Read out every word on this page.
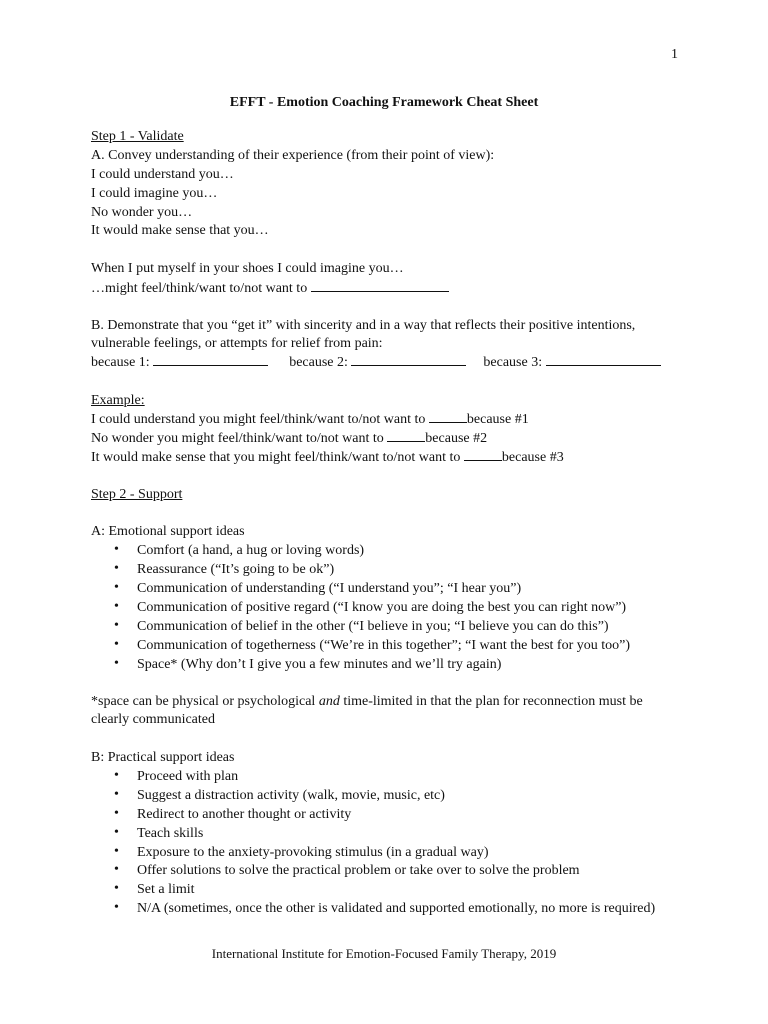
1
EFFT - Emotion Coaching Framework Cheat Sheet
Step 1 - Validate
A. Convey understanding of their experience (from their point of view):
I could understand you…
I could imagine you…
No wonder you…
It would make sense that you…
When I put myself in your shoes I could imagine you…
…might feel/think/want to/not want to
B. Demonstrate that you “get it” with sincerity and in a way that reflects their positive intentions,
vulnerable feelings, or attempts for relief from pain:
because 1:	because 2:	because 3:
Example:
I could understand you might feel/think/want to/not want to	because #1
No wonder you might feel/think/want to/not want to	because #2
It would make sense that you might feel/think/want to/not want to	because #3
Step 2 - Support
A: Emotional support ideas
• Comfort (a hand, a hug or loving words)
• Reassurance (“It’s going to be ok”)
• Communication of understanding (“I understand you”; “I hear you”)
• Communication of positive regard (“I know you are doing the best you can right now”)
• Communication of belief in the other (“I believe in you; “I believe you can do this”)
• Communication of togetherness (“We’re in this together”; “I want the best for you too”)
• Space* (Why don’t I give you a few minutes and we’ll try again)
*space can be physical or psychological and time-limited in that the plan for reconnection must be
clearly communicated
B: Practical support ideas
• Proceed with plan
• Suggest a distraction activity (walk, movie, music, etc)
• Redirect to another thought or activity
• Teach skills
• Exposure to the anxiety-provoking stimulus (in a gradual way)
• Offer solutions to solve the practical problem or take over to solve the problem
• Set a limit
• N/A (sometimes, once the other is validated and supported emotionally, no more is required)
International Institute for Emotion-Focused Family Therapy, 2019
